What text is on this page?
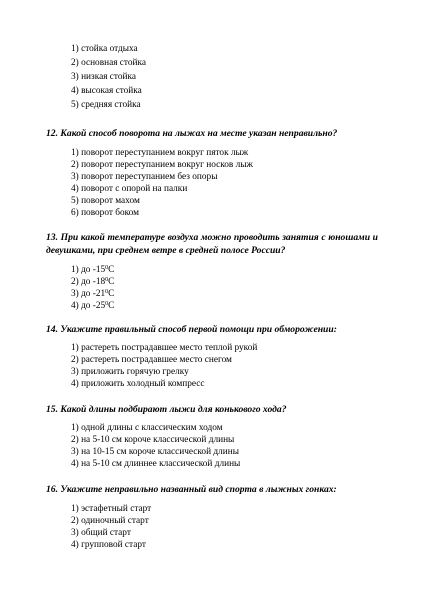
1) стойка отдыха
2) основная стойка
3) низкая стойка
4) высокая стойка
5) средняя стойка
12. Какой способ поворота на лыжах на месте указан неправильно?
1) поворот переступанием вокруг пяток лыж
2) поворот переступанием вокруг носков лыж
3) поворот переступанием без опоры
4) поворот с опорой на палки
5) поворот махом
6) поворот боком
13. При какой температуре воздуха можно проводить занятия с юношами и девушками, при среднем ветре в средней полосе России?
1) до $-15^0С$
2) до $-18^0С$
3) до $-21^0С$
4) до $-25^0С$
14. Укажите правильный способ первой помощи при обморожении:
1) растереть пострадавшее место теплой рукой
2) растереть пострадавшее место снегом
3) приложить горячую грелку
4) приложить холодный компресс
15. Какой длины подбирают лыжи для конькового хода?
1) одной длины с классическим ходом
2) на 5-10 см короче классической длины
3) на 10-15 см короче классической длины
4) на 5-10 см длиннее классической длины
16. Укажите неправильно названный вид спорта в лыжных гонках:
1) эстафетный старт
2) одиночный старт
3) общий старт
4) групповой старт
